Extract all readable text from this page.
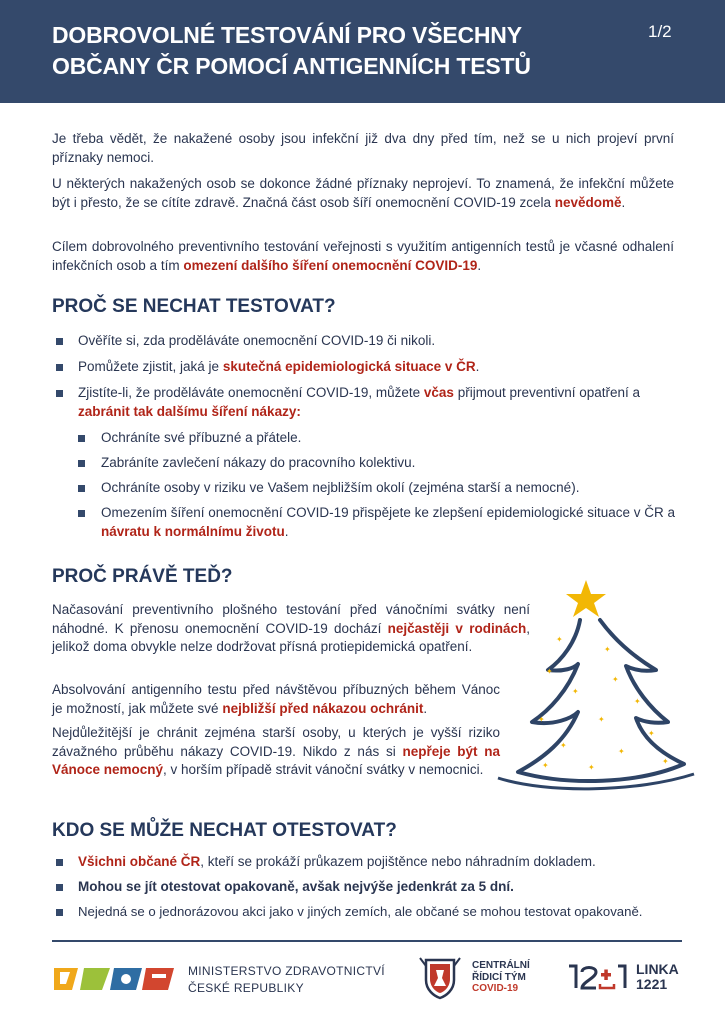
DOBROVOLNÉ TESTOVÁNÍ PRO VŠECHNY
OBČANY ČR POMOCÍ ANTIGENNÍCH TESTŮ
1/2
Je třeba vědět, že nakažené osoby jsou infekční již dva dny před tím, než se u nich projeví první příznaky nemoci.
U některých nakažených osob se dokonce žádné příznaky neprojeví. To znamená, že infekční můžete být i přesto, že se cítíte zdravě. Značná část osob šíří onemocnění COVID-19 zcela nevědomě.
Cílem dobrovolného preventivního testování veřejnosti s využitím antigenních testů je včasné odhalení infekčních osob a tím omezení dalšího šíření onemocnění COVID-19.
PROČ SE NECHAT TESTOVAT?
Ověříte si, zda proděláváte onemocnění COVID-19 či nikoli.
Pomůžete zjistit, jaká je skutečná epidemiologická situace v ČR.
Zjistíte-li, že proděláváte onemocnění COVID-19, můžete včas přijmout preventivní opatření a zabránit tak dalšímu šíření nákazy:
Ochráníte své příbuzné a přátele.
Zabráníte zavlečení nákazy do pracovního kolektivu.
Ochráníte osoby v riziku ve Vašem nejbližším okolí (zejména starší a nemocné).
Omezením šíření onemocnění COVID-19 přispějete ke zlepšení epidemiologické situace v ČR a návratu k normálnímu životu.
PROČ PRÁVĚ TEĎ?
Načasování preventivního plošného testování před vánočními svátky není náhodné. K přenosu onemocnění COVID-19 dochází nejčastěji v rodinách, jelikož doma obvykle nelze dodržovat přísná protiepidemická opatření.
Absolvování antigenního testu před návštěvou příbuzných během Vánoc je možností, jak můžete své nejbližší před nákazou ochránit.
Nejdůležitější je chránit zejména starší osoby, u kterých je vyšší riziko závažného průběhu nákazy COVID-19. Nikdo z nás si nepřeje být na Vánoce nemocný, v horším případě strávit vánoční svátky v nemocnici.
✦
✦
✦
✦
✦
✦
✦	✦
✦
✦
✦
✦	✦
✦
KDO SE MŮŽE NECHAT OTESTOVAT?
Všichni občané ČR, kteří se prokáží průkazem pojištěnce nebo náhradním dokladem.
Mohou se jít otestovat opakovaně, avšak nejvýše jedenkrát za 5 dní.
Nejedná se o jednorázovou akci jako v jiných zemích, ale občané se mohou testovat opakovaně.
MINISTERSTVO ZDRAVOTNICTVÍ
ČESKÉ REPUBLIKY
CENTRÁLNÍ
ŘÍDICÍ TÝM
COVID-19
LINKA
1221
